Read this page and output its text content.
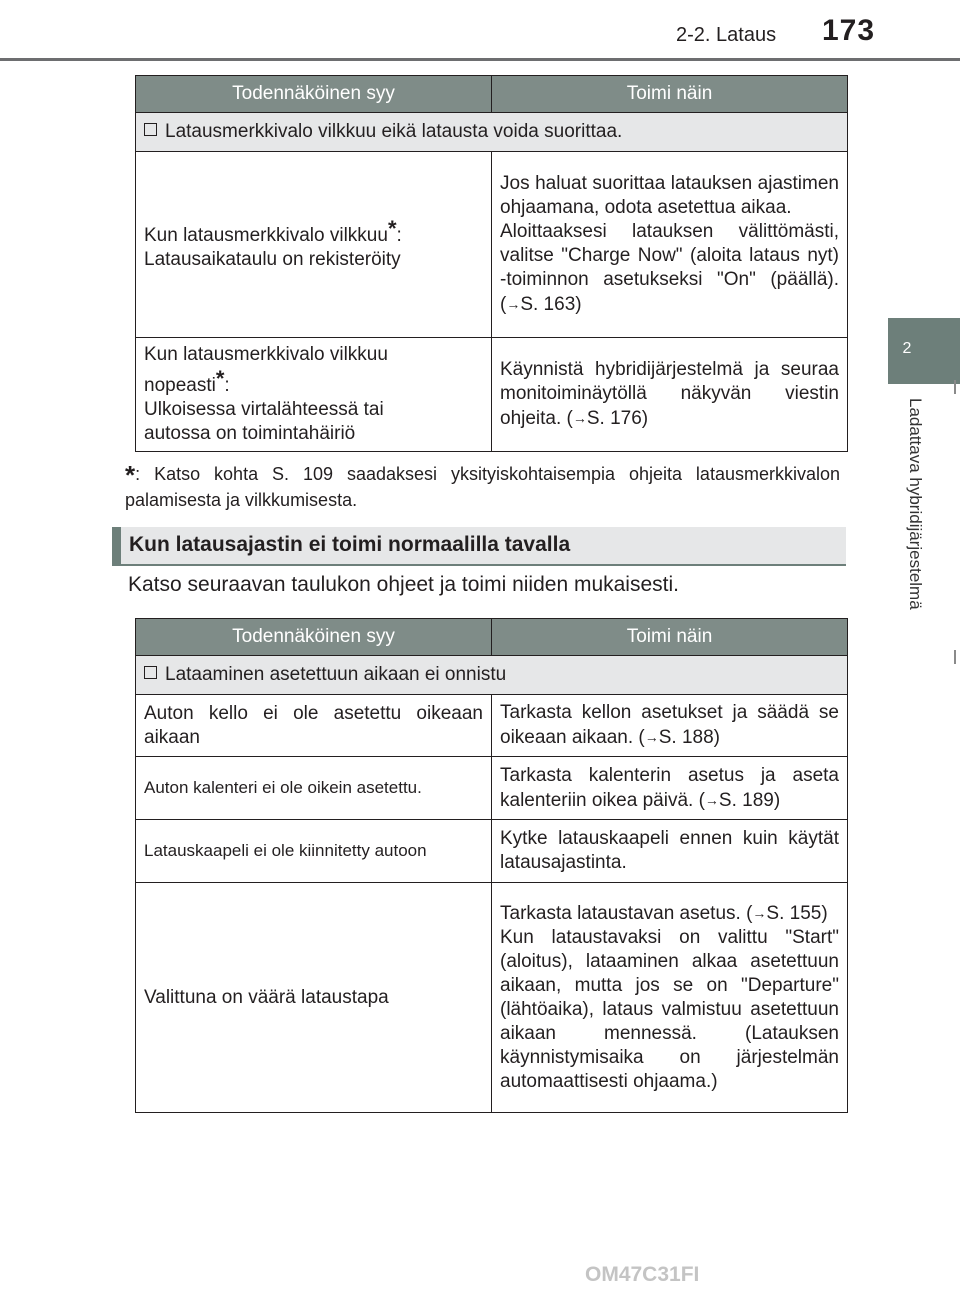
2-2. Lataus 173
2
Ladattava hybridijärjestelmä
Todennäköinen syy	Toimi näin
Latausmerkkivalo vilkkuu eikä latausta voida suorittaa.	
Kun latausmerkkivalo vilkkuu*:
Latausaikataulu on rekisteröity	Jos haluat suorittaa latauksen ajastimen ohjaamana, odota asetettua aikaa.
Aloittaaksesi latauksen välittömästi, valitse "Charge Now" (aloita lataus nyt) -toiminnon asetukseksi "On" (päällä). (→S. 163)
Kun latausmerkkivalo vilkkuu
nopeasti*:
Ulkoisessa virtalähteessä tai
autossa on toimintahäiriö	Käynnistä hybridijärjestelmä ja seuraa monitoiminäytöllä näkyvän viestin ohjeita. (→S. 176)
*: Katso kohta S. 109 saadaksesi yksityiskohtaisempia ohjeita latausmerkkivalon palamisesta ja vilkkumisesta.
Kun latausajastin ei toimi normaalilla tavalla
Katso seuraavan taulukon ohjeet ja toimi niiden mukaisesti.
Todennäköinen syy	Toimi näin
Lataaminen asetettuun aikaan ei onnistu	
Auton kello ei ole asetettu oikeaan aikaan	Tarkasta kellon asetukset ja säädä se oikeaan aikaan. (→S. 188)
Auton kalenteri ei ole oikein asetettu.	Tarkasta kalenterin asetus ja aseta kalenteriin oikea päivä. (→S. 189)
Latauskaapeli ei ole kiinnitetty autoon	Kytke latauskaapeli ennen kuin käytät latausajastinta.
Valittuna on väärä lataustapa	Tarkasta lataustavan asetus. (→S. 155)
Kun lataustavaksi on valittu "Start" (aloitus), lataaminen alkaa asetettuun aikaan, mutta jos se on "Departure" (lähtöaika), lataus valmistuu asetettuun aikaan mennessä. (Latauksen käynnistymisaika on järjestelmän automaattisesti ohjaama.)
OM47C31FI
